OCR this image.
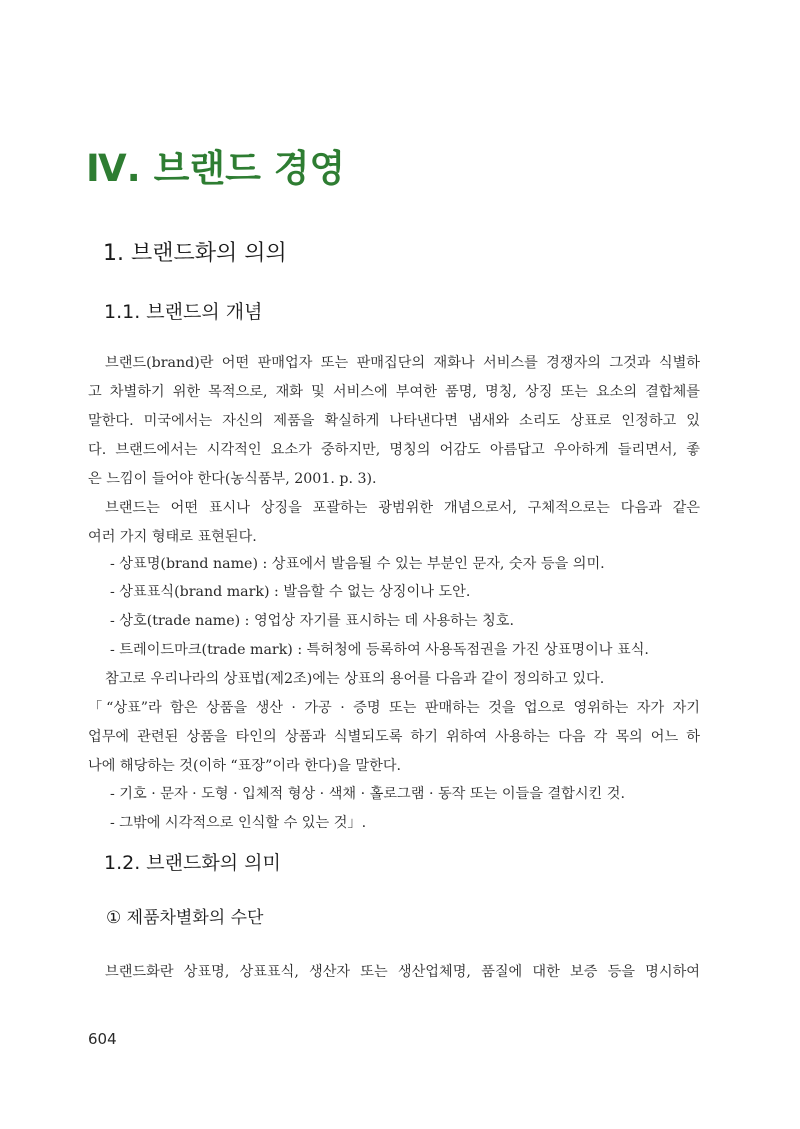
Ⅳ. 브랜드 경영
1. 브랜드화의 의의
1.1. 브랜드의 개념

브랜드(brand)란 어떤 판매업자 또는 판매집단의 재화나 서비스를 경쟁자의 그것과 식별하

고 차별하기 위한 목적으로, 재화 및 서비스에 부여한 품명, 명칭, 상징 또는 요소의 결합체를

말한다. 미국에서는 자신의 제품을 확실하게 나타낸다면 냄새와 소리도 상표로 인정하고 있

다. 브랜드에서는 시각적인 요소가 중하지만, 명칭의 어감도 아름답고 우아하게 들리면서, 좋

은 느낌이 들어야 한다(농식품부, 2001. p. 3).

브랜드는 어떤 표시나 상징을 포괄하는 광범위한 개념으로서, 구체적으로는 다음과 같은

여러 가지 형태로 표현된다.

- 상표명(brand name) : 상표에서 발음될 수 있는 부분인 문자, 숫자 등을 의미.

- 상표표식(brand mark) : 발음할 수 없는 상징이나 도안.

- 상호(trade name) : 영업상 자기를 표시하는 데 사용하는 칭호.

- 트레이드마크(trade mark) : 특허청에 등록하여 사용독점권을 가진 상표명이나 표식.

참고로 우리나라의 상표법(제2조)에는 상표의 용어를 다음과 같이 정의하고 있다.

「“상표”라 함은 상품을 생산 · 가공 · 증명 또는 판매하는 것을 업으로 영위하는 자가 자기

업무에 관련된 상품을 타인의 상품과 식별되도록 하기 위하여 사용하는 다음 각 목의 어느 하

나에 해당하는 것(이하 “표장”이라 한다)을 말한다.

- 기호 · 문자 · 도형 · 입체적 형상 · 색채 · 홀로그램 · 동작 또는 이들을 결합시킨 것.

- 그밖에 시각적으로 인식할 수 있는 것」.

1.2. 브랜드화의 의미
① 제품차별화의 수단

브랜드화란 상표명, 상표표식, 생산자 또는 생산업체명, 품질에 대한 보증 등을 명시하여

604
